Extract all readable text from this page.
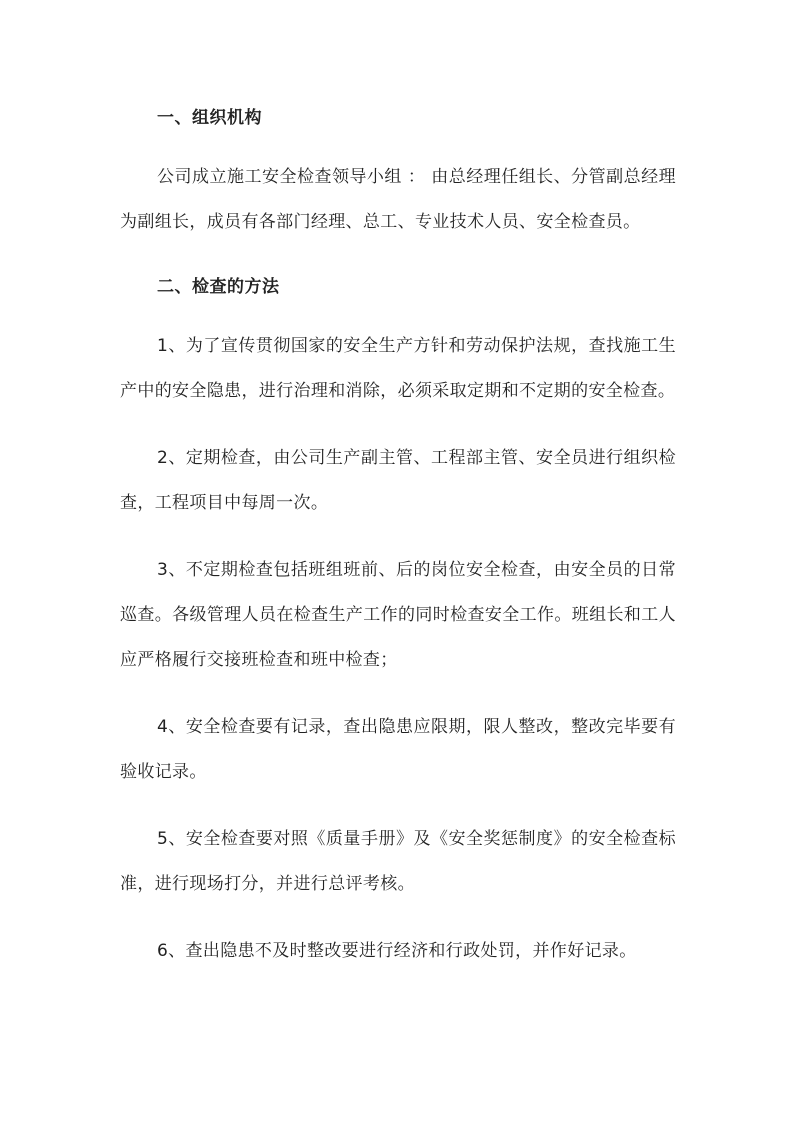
一、组织机构

公司成立施工安全检查领导小组 ： 由总经理任组长、分管副总经理为副组长，成员有各部门经理、总工、专业技术人员、安全检查员。

二、检查的方法

1、为了宣传贯彻国家的安全生产方针和劳动保护法规，查找施工生产中的安全隐患，进行治理和消除，必须采取定期和不定期的安全检查。

2、定期检查，由公司生产副主管、工程部主管、安全员进行组织检查，工程项目中每周一次。

3、不定期检查包括班组班前、后的岗位安全检查，由安全员的日常巡查。各级管理人员在检查生产工作的同时检查安全工作。班组长和工人应严格履行交接班检查和班中检查；

4、安全检查要有记录，查出隐患应限期，限人整改，整改完毕要有验收记录。

5、安全检查要对照《质量手册》及《安全奖惩制度》的安全检查标准，进行现场打分，并进行总评考核。

6、查出隐患不及时整改要进行经济和行政处罚，并作好记录。
